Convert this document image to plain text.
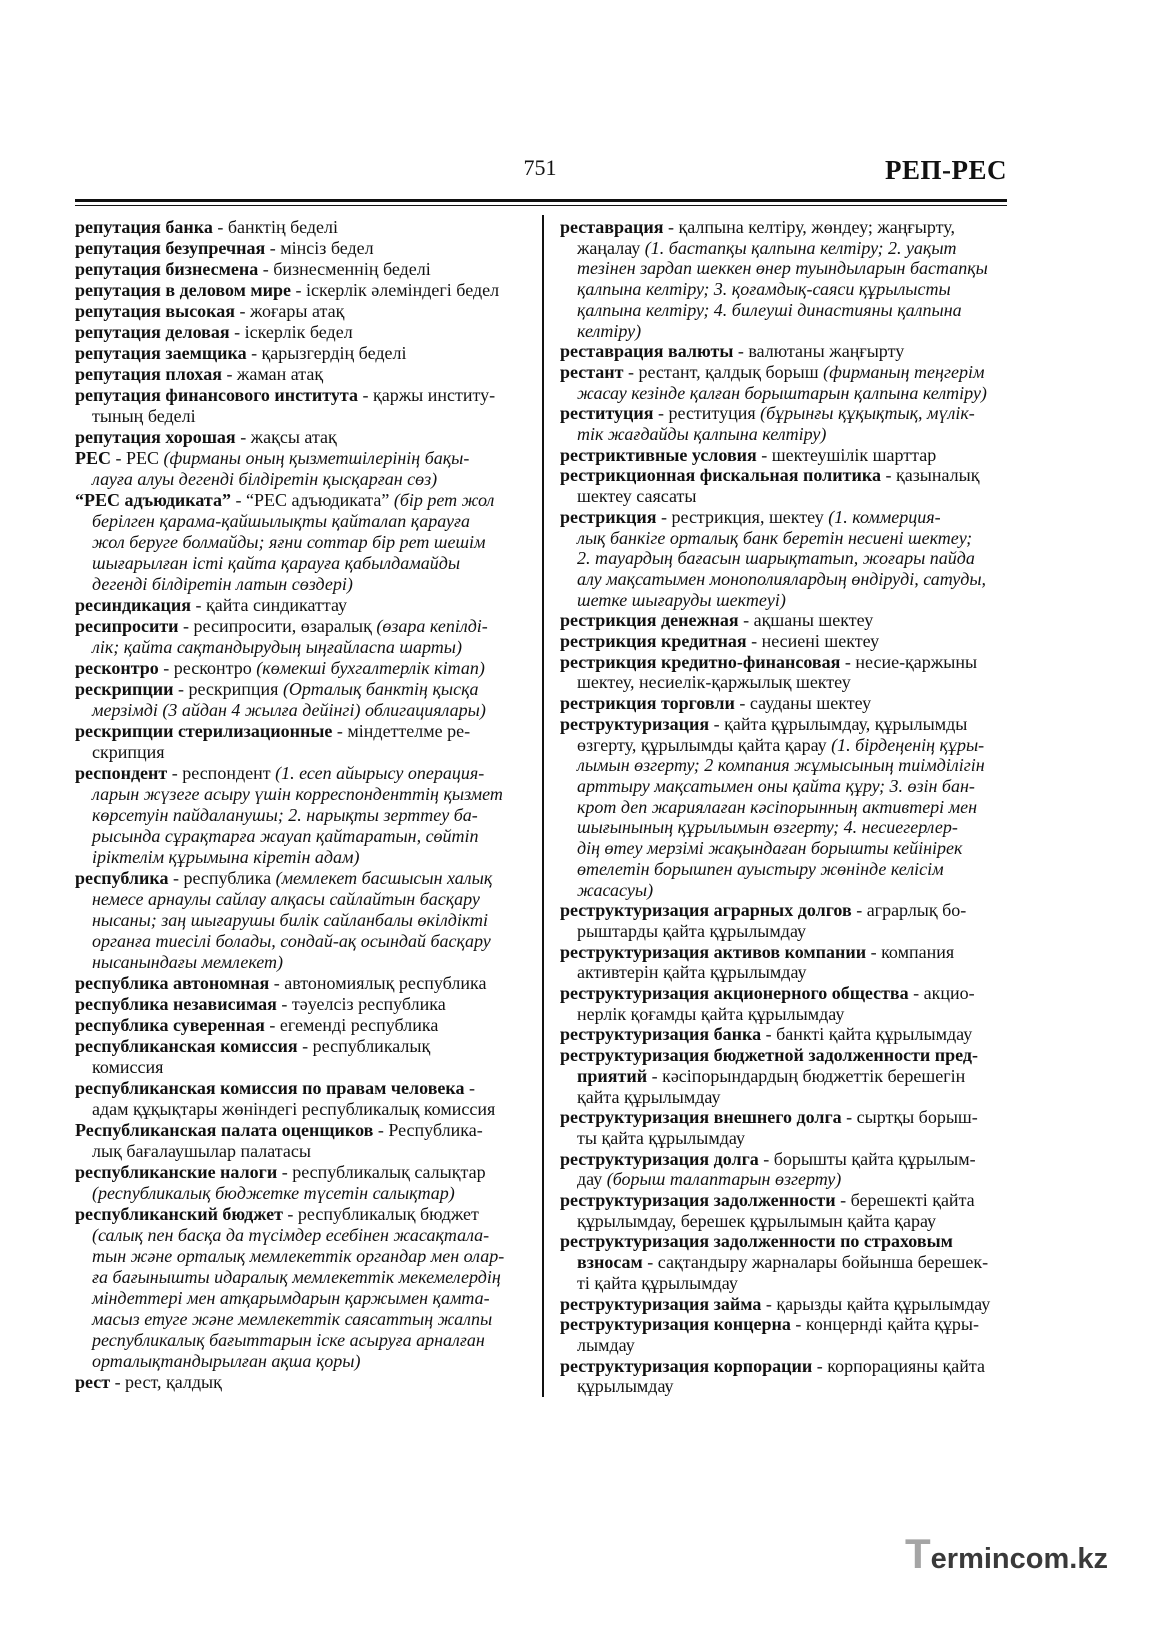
751	РЕП-РЕС
репутация банка - банктің беделі
репутация безупречная - мінсіз бедел
репутация бизнесмена - бизнесменнің беделі
репутация в деловом мире - іскерлік әлеміндегі бедел
репутация высокая - жоғары атақ
репутация деловая - іскерлік бедел
репутация заемщика - қарызгердің беделі
репутация плохая - жаман атақ
репутация финансового института - қаржы институ-
тының беделі
репутация хорошая - жақсы атақ
РЕС - РЕС (фирманы оның қызметшілерінің бақы-
лауға алуы дегенді білдіретін қысқарған сөз)
“РЕС адъюдиката” - “РЕС адъюдиката” (бір рет жол
берілген қарама-қайшылықты қайталап қарауға
жол беруге болмайды; яғни соттар бір рет шешім
шығарылған істі қайта қарауға қабылдамайды
дегенді білдіретін латын сөздері)
ресиндикация - қайта синдикаттау
ресипросити - ресипросити, өзаралық (өзара кепілді-
лік; қайта сақтандырудың ыңғайласпа шарты)
ресконтро - ресконтро (көмекші бухгалтерлік кітап)
рескрипции - рескрипция (Орталық банктің қысқа
мерзімді (3 айдан 4 жылға дейінгі) облигациялары)
рескрипции стерилизационные - міндеттелме ре-
скрипция
респондент - респондент (1. есеп айырысу операция-
ларын жүзеге асыру үшін корреспонденттің қызмет
көрсетуін пайдаланушы; 2. нарықты зерттеу ба-
рысында сұрақтарға жауап қайтаратын, сөйтіп
іріктелім құрымына кіретін адам)
республика - республика (мемлекет басшысын халық
немесе арнаулы сайлау алқасы сайлайтын басқару
нысаны; заң шығарушы билік сайланбалы өкілдікті
органға тиесілі болады, сондай-ақ осындай басқару
нысанындағы мемлекет)
республика автономная - автономиялық республика
республика независимая - тәуелсіз республика
республика суверенная - егеменді республика
республиканская комиссия - республикалық
комиссия
республиканская комиссия по правам человека -
адам құқықтары жөніндегі республикалық комиссия
Республиканская палата оценщиков - Республика-
лық бағалаушылар палатасы
республиканские налоги - республикалық салықтар
(республикалық бюджетке түсетін салықтар)
республиканский бюджет - республикалық бюджет
(салық пен басқа да түсімдер есебінен жасақтала-
тын және орталық мемлекеттік органдар мен олар-
ға бағынышты идаралық мемлекеттік мекемелердің
міндеттері мен атқарымдарын қаржымен қамта-
масыз етуге және мемлекеттік саясаттың жалпы
республикалық бағыттарын іске асыруға арналған
орталықтандырылған ақша қоры)
рест - рест, қалдық
реставрация - қалпына келтіру, жөндеу; жаңғырту,
жаңалау (1. бастапқы қалпына келтіру; 2. уақыт
тезінен зардап шеккен өнер туындыларын бастапқы
қалпына келтіру; 3. қоғамдық-саяси құрылысты
қалпына келтіру; 4. билеуші династияны қалпына
келтіру)
реставрация валюты - валютаны жаңғырту
рестант - рестант, қалдық борыш (фирманың теңгерім
жасау кезінде қалған борыштарын қалпына келтіру)
реституция - реституция (бұрынғы құқықтық, мүлік-
тік жағдайды қалпына келтіру)
рестриктивные условия - шектеушілік шарттар
рестрикционная фискальная политика - қазыналық
шектеу саясаты
рестрикция - рестрикция, шектеу (1. коммерция-
лық банкіге орталық банк беретін несиені шектеу;
2. тауардың бағасын шарықтатып, жоғары пайда
алу мақсатымен монополиялардың өндіруді, сатуды,
шетке шығаруды шектеуі)
рестрикция денежная - ақшаны шектеу
рестрикция кредитная - несиені шектеу
рестрикция кредитно-финансовая - несие-қаржыны
шектеу, несиелік-қаржылық шектеу
рестрикция торговли - сауданы шектеу
реструктуризация - қайта құрылымдау, құрылымды
өзгерту, құрылымды қайта қарау (1. бірдеңенің құры-
лымын өзгерту; 2 компания жұмысының тиімділігін
арттыру мақсатымен оны қайта құру; 3. өзін бан-
крот деп жариялаған кәсіпорынның активтері мен
шығынының құрылымын өзгерту; 4. несиегерлер-
дің өтеу мерзімі жақындаған борышты кейінірек
өтелетін борышпен ауыстыру жөнінде келісім
жасасуы)
реструктуризация аграрных долгов - аграрлық бо-
рыштарды қайта құрылымдау
реструктуризация активов компании - компания
активтерін қайта құрылымдау
реструктуризация акционерного общества - акцио-
нерлік қоғамды қайта құрылымдау
реструктуризация банка - банкті қайта құрылымдау
реструктуризация бюджетной задолженности пред-
приятий - кәсіпорындардың бюджеттік берешегін
қайта құрылымдау
реструктуризация внешнего долга - сыртқы борыш-
ты қайта құрылымдау
реструктуризация долга - борышты қайта құрылым-
дау (борыш талаптарын өзгерту)
реструктуризация задолженности - берешекті қайта
құрылымдау, берешек құрылымын қайта қарау
реструктуризация задолженности по страховым
взносам - сақтандыру жарналары бойынша берешек-
ті қайта құрылымдау
реструктуризация займа - қарызды қайта құрылымдау
реструктуризация концерна - концернді қайта құры-
лымдау
реструктуризация корпорации - корпорацияны қайта
құрылымдау
Termincom.kz
